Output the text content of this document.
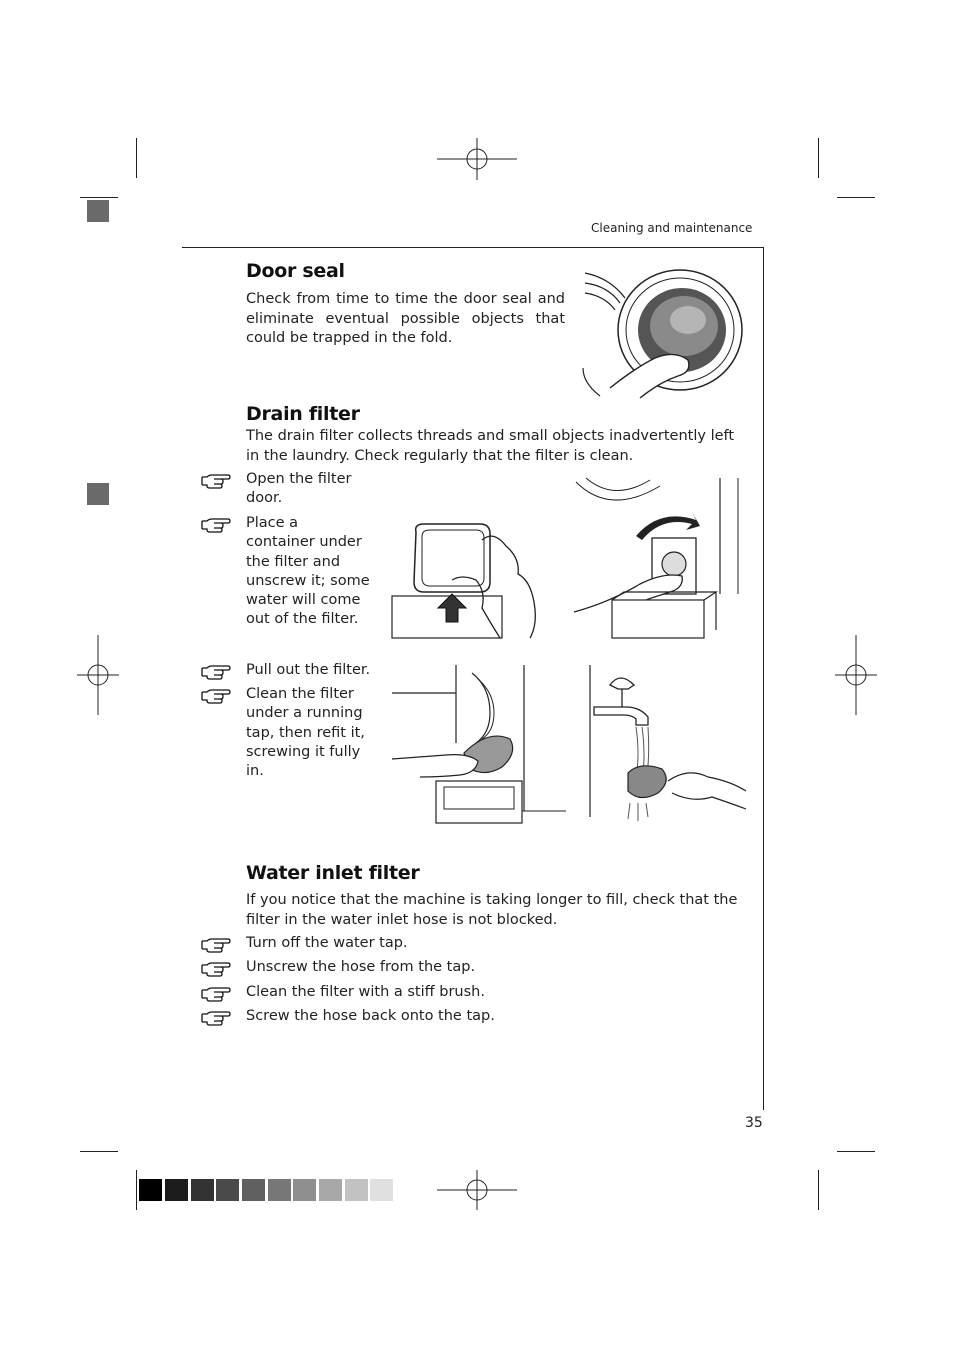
Cleaning and maintenance
Door seal

Check from time to time the door seal and eliminate eventual possible objects that could be trapped in the fold.

Drain filter

The drain filter collects threads and small objects inadvertently left in the laundry. Check regularly that the filter is clean.

Open the filter door.
Place a container under the filter and unscrew it; some water will come out of the filter.
Pull out the filter.
Clean the filter under a running tap, then refit it, screwing it fully in.
Water inlet filter

If you notice that the machine is taking longer to fill, check that the filter in the water inlet hose is not blocked.

Turn off the water tap.
Unscrew the hose from the tap.
Clean the filter with a stiff brush.
Screw the hose back onto the tap.
35
